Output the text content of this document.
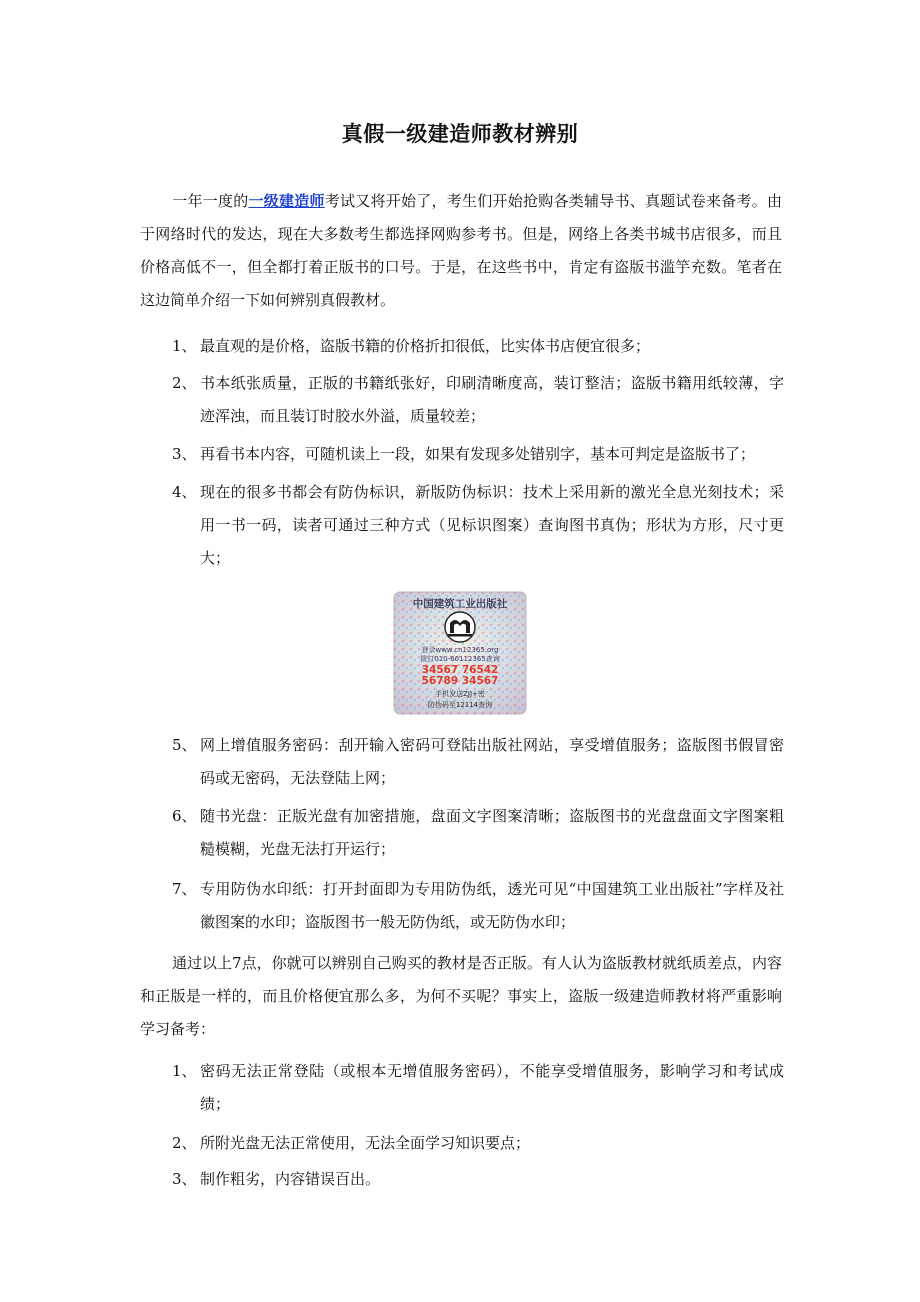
真假一级建造师教材辨别
一年一度的一级建造师考试又将开始了，考生们开始抢购各类辅导书、真题试卷来备考。由于网络时代的发达，现在大多数考生都选择网购参考书。但是，网络上各类书城书店很多，而且价格高低不一，但全都打着正版书的口号。于是，在这些书中，肯定有盗版书滥竽充数。笔者在这边简单介绍一下如何辨别真假教材。
1、 最直观的是价格，盗版书籍的价格折扣很低，比实体书店便宜很多；
2、 书本纸张质量，正版的书籍纸张好，印刷清晰度高，装订整洁；盗版书籍用纸较薄，字迹浑浊，而且装订时胶水外溢，质量较差；
3、 再看书本内容，可随机读上一段，如果有发现多处错别字，基本可判定是盗版书了；
4、 现在的很多书都会有防伪标识，新版防伪标识：技术上采用新的激光全息光刻技术；采用一书一码，读者可通过三种方式（见标识图案）查询图书真伪；形状为方形，尺寸更大；
中国建筑工业出版社
登录www.cn12365.org
拨打010-66112365查询
34567 76542
56789 34567
手机发送ZJJ+密
防伪码至12114查询
5、 网上增值服务密码：刮开输入密码可登陆出版社网站，享受增值服务；盗版图书假冒密码或无密码，无法登陆上网；
6、 随书光盘：正版光盘有加密措施，盘面文字图案清晰；盗版图书的光盘盘面文字图案粗糙模糊，光盘无法打开运行；
7、 专用防伪水印纸：打开封面即为专用防伪纸，透光可见“中国建筑工业出版社”字样及社徽图案的水印；盗版图书一般无防伪纸，或无防伪水印；
通过以上7点，你就可以辨别自己购买的教材是否正版。有人认为盗版教材就纸质差点，内容和正版是一样的，而且价格便宜那么多，为何不买呢？事实上，盗版一级建造师教材将严重影响学习备考：
1、 密码无法正常登陆（或根本无增值服务密码），不能享受增值服务，影响学习和考试成绩；
2、 所附光盘无法正常使用，无法全面学习知识要点；
3、 制作粗劣，内容错误百出。
